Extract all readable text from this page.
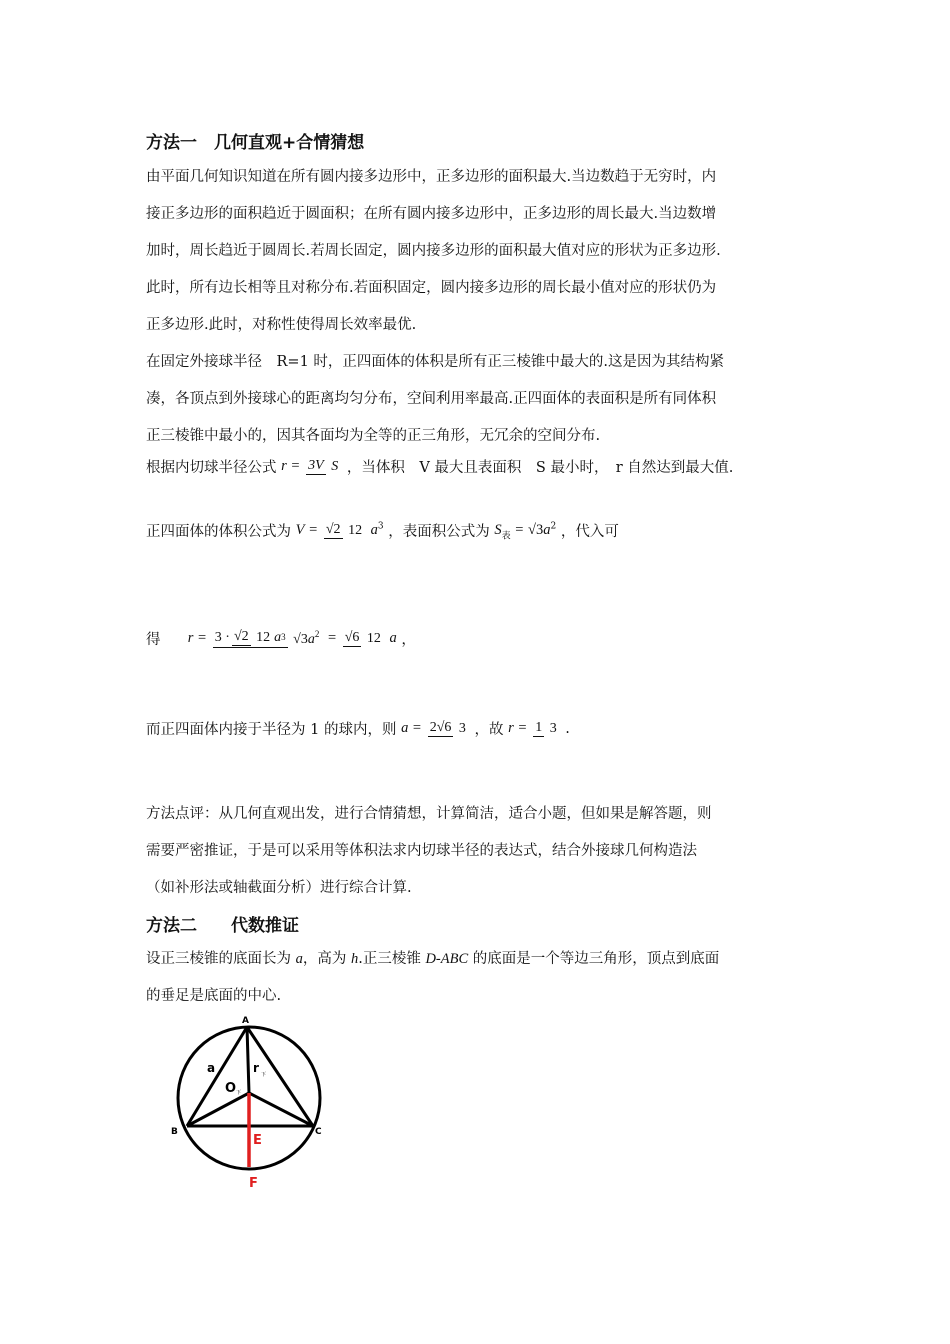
方法一　几何直观+合情猜想
由平面几何知识知道在所有圆内接多边形中，正多边形的面积最大.当边数趋于无穷时，内
接正多边形的面积趋近于圆面积；在所有圆内接多边形中，正多边形的周长最大.当边数增
加时，周长趋近于圆周长.若周长固定，圆内接多边形的面积最大值对应的形状为正多边形.
此时，所有边长相等且对称分布.若面积固定，圆内接多边形的周长最小值对应的形状仍为
正多边形.此时，对称性使得周长效率最优.
在固定外接球半径　R=1 时，正四面体的体积是所有正三棱锥中最大的.这是因为其结构紧
凑，各顶点到外接球心的距离均匀分布，空间利用率最高.正四面体的表面积是所有同体积
正三棱锥中最小的，因其各面均为全等的正三角形，无冗余的空间分布.
根据内切球半径公式 r = 3V S ，当体积　V 最大且表面积　S 最小时，　r 自然达到最大值.
正四面体的体积公式为 V = √2 12 $a^3$ ，表面积公式为 $S_表 = √3a^2$ ，代入可
得 r = 3 · √2 12 a 3 $√3a^2 = √6$ 12 a ，
而正四面体内接于半径为 1 的球内，则 a = 2√6 3 ，故 r = 1 3 .
方法点评：从几何直观出发，进行合情猜想，计算简洁，适合小题，但如果是解答题，则
需要严密推证，于是可以采用等体积法求内切球半径的表达式，结合外接球几何构造法
（如补形法或轴截面分析）进行综合计算.
方法二　　代数推证
设正三棱锥的底面长为 a，高为 h.正三棱锥 D-ABC 的底面是一个等边三角形，顶点到底面
的垂足是底面的中心.
A
B	C
a	r 下
O 下
E
F
